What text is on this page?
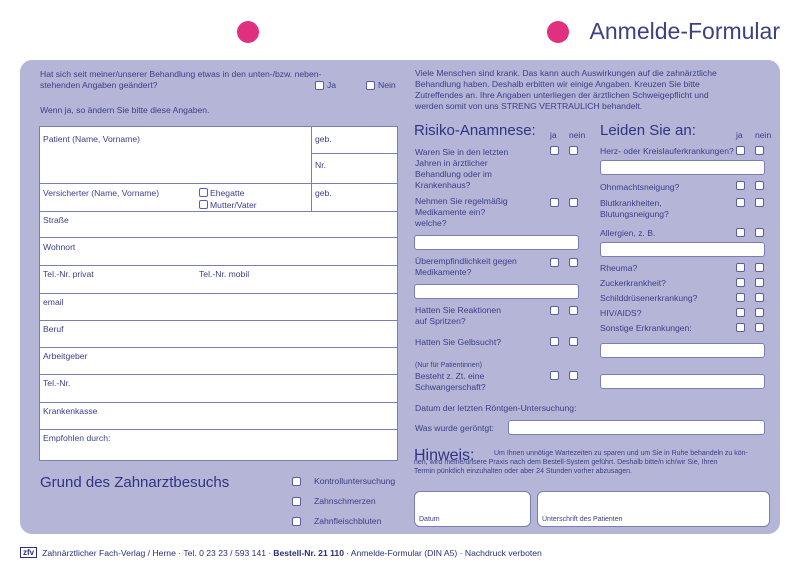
Anmelde-Formular
Hat sich seit meiner/unserer Behandlung etwas in den unten-/bzw. neben-
stehenden Angaben geändert?	Ja	Nein
Wenn ja, so ändern Sie bitte diese Angaben.
Patient (Name, Vorname)	geb.
Nr.
Versicherter (Name, Vorname)	Ehegatte
Mutter/Vater
geb.
Straße
Wohnort
Tel.-Nr. privat	Tel.-Nr. mobil
email
Beruf
Arbeitgeber
Tel.-Nr.
Krankenkasse
Empfohlen durch:
Grund des Zahnarztbesuchs	Kontrolluntersuchung
Zahnschmerzen
Zahnfleischbluten
Viele Menschen sind krank. Das kann auch Auswirkungen auf die zahnärztliche
Behandlung haben. Deshalb erbitten wir einige Angaben. Kreuzen Sie bitte
Zutreffendes an. Ihre Angaben unterliegen der ärztlichen Schweigepflicht und
werden somit von uns STRENG VERTRAULICH behandelt.
Risiko-Anamnese: ja nein
Waren Sie in den letzten
Jahren in ärztlicher
Behandlung oder im
Krankenhaus?
Nehmen Sie regelmäßig
Medikamente ein?
welche?
Überempfindlichkeit gegen
Medikamente?
Hatten Sie Reaktionen
auf Spritzen?
Hatten Sie Gelbsucht?
(Nur für Patientinnen)
Besteht z. Zt. eine
Schwangerschaft?
Datum der letzten Röntgen-Untersuchung:
Was wurde geröntgt:
Leiden Sie an:	ja nein
Herz- oder Kreislauferkrankungen?
Ohnmachtsneigung?
Blutkrankheiten,
Blutungsneigung?
Allergien, z. B.
Rheuma?
Zuckerkrankheit?
Schilddrüsenerkrankung?
HIV/AIDS?
Sonstige Erkrankungen:
Hinweis:	Um Ihnen unnötige Wartezeiten zu sparen und um Sie in Ruhe behandeln zu kön-
nen, wird meine/unsere Praxis nach dem Bestell-System geführt. Deshalb bitte/n ich/wir Sie, Ihren
Termin pünktlich einzuhalten oder aber 24 Stunden vorher abzusagen.
Datum	Unterschrift des Patienten
zfv Zahnärztlicher Fach-Verlag / Herne · Tel. 0 23 23 / 593 141 · Bestell-Nr. 21 110 · Anmelde-Formular (DIN A5) · Nachdruck verboten
